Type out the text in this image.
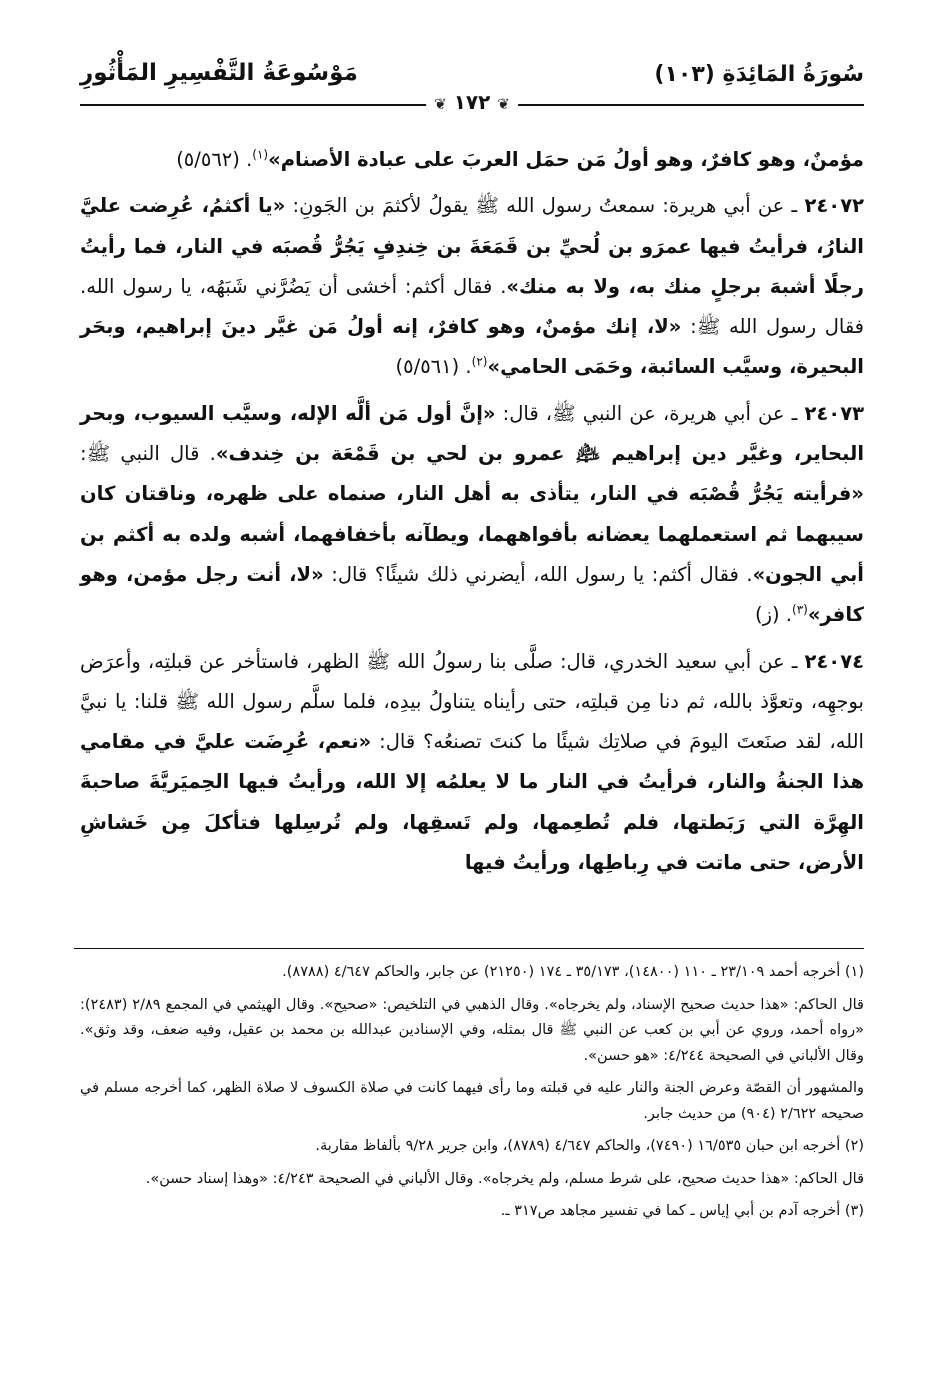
سُورَةُ المَائِدَةِ (١٠٣)
❦ ١٧٢ ❦
مَوْسُوعَةُ التَّفْسِيرِ المَأْثُورِ

مؤمنٌ، وهو كافرٌ، وهو أولُ مَن حمَل العربَ على عبادة الأصنام»$^{(١)}$. (٥/٥٦٢)

٢٤٠٧٢ ـ عن أبي هريرة: سمعتُ رسول الله ﷺ يقولُ لأكثمَ بن الجَونِ: «يا أكثمُ، عُرِضت عليَّ النارُ، فرأيتُ فيها عمرَو بن لُحيِّ بن قَمَعَةَ بن خِندِفٍ يَجُرُّ قُصبَه في النار، فما رأيتُ رجلًا أشبهَ برجلٍ منك به، ولا به منك». فقال أكثم: أخشى أن يَضُرَّني شَبَهُه، يا رسول الله. فقال رسول الله ﷺ: «لا، إنك مؤمنٌ، وهو كافرٌ، إنه أولُ مَن غيَّر دينَ إبراهيم، وبحَر البحيرة، وسيَّب السائبة، وحَمَى الحامي»$^{(٢)}$. (٥/٥٦١)

٢٤٠٧٣ ـ عن أبي هريرة، عن النبي ﷺ، قال: «إنَّ أول مَن ألَّه الإله، وسيَّب السيوب، وبحر البحاير، وغيَّر دين إبراهيم ﵇ عمرو بن لحي بن قَمْعَة بن خِندف». قال النبي ﷺ: «فرأيته يَجُرُّ قُصْبَه في النار، يتأذى به أهل النار، صنماه على ظهره، وناقتان كان سيبهما ثم استعملهما يعضانه بأفواههما، ويطآنه بأخفافهما، أشبه ولده به أكثم بن أبي الجون». فقال أكثم: يا رسول الله، أيضرني ذلك شيئًا؟ قال: «لا، أنت رجل مؤمن، وهو كافر»$^{(٣)}$. (ز)

٢٤٠٧٤ ـ عن أبي سعيد الخدري، قال: صلَّى بنا رسولُ الله ﷺ الظهر، فاستأخر عن قبلتِه، وأعرَض بوجهِه، وتعوَّذ بالله، ثم دنا مِن قبلتِه، حتى رأيناه يتناولُ بيدِه، فلما سلَّم رسول الله ﷺ قلنا: يا نبيَّ الله، لقد صنَعتَ اليومَ في صلاتِك شيئًا ما كنتَ تصنعُه؟ قال: «نعم، عُرِضَت عليَّ في مقامي هذا الجنةُ والنار، فرأيتُ في النار ما لا يعلمُه إلا الله، ورأيتُ فيها الحِميَريَّةَ صاحبةَ الهِرَّة التي رَبَطتها، فلم تُطعِمها، ولم تَسقِها، ولم تُرسِلها فتأكلَ مِن خَشاشِ الأرض، حتى ماتت في رِباطِها، ورأيتُ فيها

(١) أخرجه أحمد ٢٣/١٠٩ ـ ١١٠ (١٤٨٠٠)، ٣٥/١٧٣ ـ ١٧٤ (٢١٢٥٠) عن جابر، والحاكم ٤/٦٤٧ (٨٧٨٨).

قال الحاكم: «هذا حديث صحيح الإسناد، ولم يخرجاه». وقال الذهبي في التلخيص: «صحيح». وقال الهيثمي في المجمع ٢/٨٩ (٢٤٨٣): «رواه أحمد، وروي عن أبي بن كعب عن النبي ﷺ قال بمثله، وفي الإسنادين عبدالله بن محمد بن عقيل، وفيه ضعف، وقد وثق». وقال الألباني في الصحيحة ٤/٢٤٤: «هو حسن».

والمشهور أن القصّة وعرض الجنة والنار عليه في قبلته وما رأى فيهما كانت في صلاة الكسوف لا صلاة الظهر، كما أخرجه مسلم في صحيحه ٢/٦٢٢ (٩٠٤) من حديث جابر.

(٢) أخرجه ابن حبان ١٦/٥٣٥ (٧٤٩٠)، والحاكم ٤/٦٤٧ (٨٧٨٩)، وابن جرير ٩/٢٨ بألفاظ مقاربة.

قال الحاكم: «هذا حديث صحيح، على شرط مسلم، ولم يخرجاه». وقال الألباني في الصحيحة ٤/٢٤٣: «وهذا إسناد حسن».

(٣) أخرجه آدم بن أبي إياس ـ كما في تفسير مجاهد ص٣١٧ ـ.
